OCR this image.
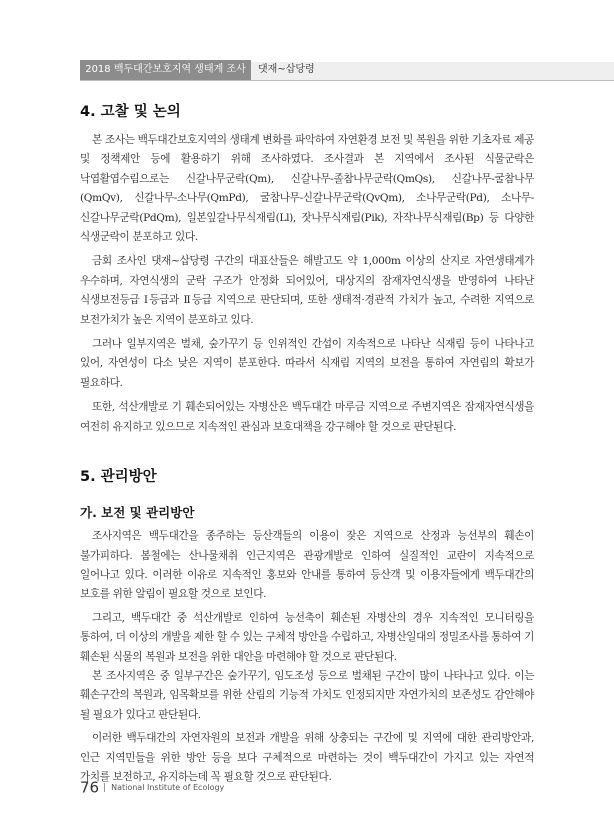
2018 백두대간보호지역 생태계 조사	댓재~삽당령
4. 고찰 및 논의

본 조사는 백두대간보호지역의 생태계 변화를 파악하여 자연환경 보전 및 복원을 위한 기초자료 제공 및 정책제안 등에 활용하기 위해 조사하였다. 조사결과 본 지역에서 조사된 식물군락은 낙엽활엽수림으로는 신갈나무군락(Qm), 신갈나무-졸참나무군락(QmQs), 신갈나무-굴참나무(QmQv), 신갈나무-소나무(QmPd), 굴참나무-신갈나무군락(QvQm), 소나무군락(Pd), 소나무-신갈나무군락(PdQm), 일본잎갈나무식재림(Ll), 잣나무식재림(Pik), 자작나무식재림(Bp) 등 다양한 식생군락이 분포하고 있다.

금회 조사인 댓재~삽당령 구간의 대표산들은 해발고도 약 1,000m 이상의 산지로 자연생태계가 우수하며, 자연식생의 군락 구조가 안정화 되어있어, 대상지의 잠재자연식생을 반영하여 나타난 식생보전등급 Ⅰ등급과 Ⅱ등급 지역으로 판단되며, 또한 생태적·경관적 가치가 높고, 수려한 지역으로 보전가치가 높은 지역이 분포하고 있다.

그러나 일부지역은 벌채, 숲가꾸기 등 인위적인 간섭이 지속적으로 나타난 식재림 등이 나타나고 있어, 자연성이 다소 낮은 지역이 분포한다. 따라서 식재림 지역의 보전을 통하여 자연림의 확보가 필요하다.

또한, 석산개발로 기 훼손되어있는 자병산은 백두대간 마루금 지역으로 주변지역은 잠재자연식생을 여전히 유지하고 있으므로 지속적인 관심과 보호대책을 강구해야 할 것으로 판단된다.

5. 관리방안
가. 보전 및 관리방안

조사지역은 백두대간을 종주하는 등산객들의 이용이 잦은 지역으로 산정과 능선부의 훼손이 불가피하다. 봄철에는 산나물채취 인근지역은 관광개발로 인하여 실질적인 교란이 지속적으로 일어나고 있다. 이러한 이유로 지속적인 홍보와 안내를 통하여 등산객 및 이용자들에게 백두대간의 보호를 위한 알림이 필요할 것으로 보인다.

그리고, 백두대간 중 석산개발로 인하여 능선축이 훼손된 자병산의 경우 지속적인 모니터링을 통하여, 더 이상의 개발을 제한 할 수 있는 구체적 방안을 수립하고, 자병산일대의 정밀조사를 통하여 기 훼손된 식물의 복원과 보전을 위한 대안을 마련해야 할 것으로 판단된다.

본 조사지역은 중 일부구간은 숲가꾸기, 임도조성 등으로 벌채된 구간이 많이 나타나고 있다. 이는 훼손구간의 복원과, 임목확보를 위한 산림의 기능적 가치도 인정되지만 자연가치의 보존성도 감안해야 될 필요가 있다고 판단된다.

이러한 백두대간의 자연자원의 보전과 개발을 위해 상충되는 구간에 및 지역에 대한 관리방안과, 인근 지역민들을 위한 방안 등을 보다 구체적으로 마련하는 것이 백두대간이 가지고 있는 자연적 가치를 보전하고, 유지하는데 꼭 필요할 것으로 판단된다.

76 National Institute of Ecology
